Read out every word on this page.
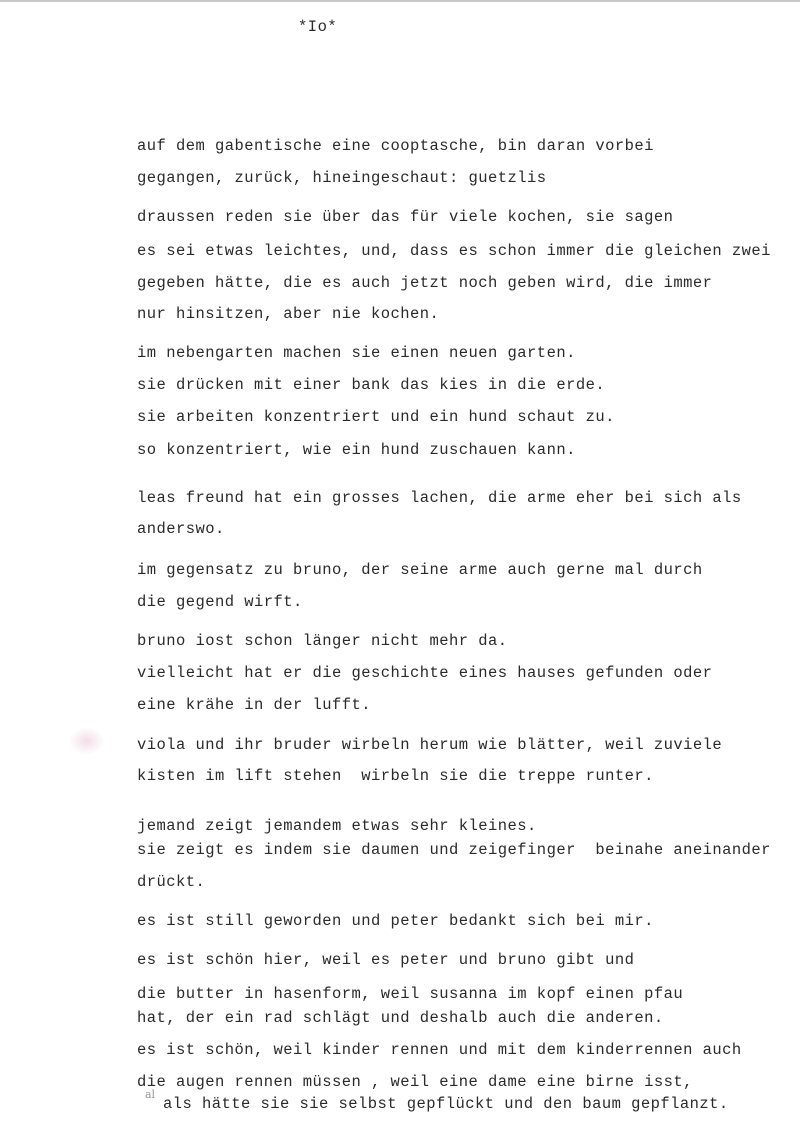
*Io*
auf dem gabentische eine cooptasche, bin daran vorbei
gegangen, zurück, hineingeschaut: guetzlis
draussen reden sie über das für viele kochen, sie sagen
es sei etwas leichtes, und, dass es schon immer die gleichen zwei
gegeben hätte, die es auch jetzt noch geben wird, die immer
nur hinsitzen, aber nie kochen.
im nebengarten machen sie einen neuen garten.
sie drücken mit einer bank das kies in die erde.
sie arbeiten konzentriert und ein hund schaut zu.
so konzentriert, wie ein hund zuschauen kann.
leas freund hat ein grosses lachen, die arme eher bei sich als
anderswo.
im gegensatz zu bruno, der seine arme auch gerne mal durch
die gegend wirft.
bruno iost schon länger nicht mehr da.
vielleicht hat er die geschichte eines hauses gefunden oder
eine krähe in der lufft.
viola und ihr bruder wirbeln herum wie blätter, weil zuviele
kisten im lift stehen  wirbeln sie die treppe runter.
jemand zeigt jemandem etwas sehr kleines.
sie zeigt es indem sie daumen und zeigefinger  beinahe aneinander
drückt.
es ist still geworden und peter bedankt sich bei mir.
es ist schön hier, weil es peter und bruno gibt und
die butter in hasenform, weil susanna im kopf einen pfau
hat, der ein rad schlägt und deshalb auch die anderen.
es ist schön, weil kinder rennen und mit dem kinderrennen auch
die augen rennen müssen , weil eine dame eine birne isst,
als hätte sie sie selbst gepflückt und den baum gepflanzt.
al
